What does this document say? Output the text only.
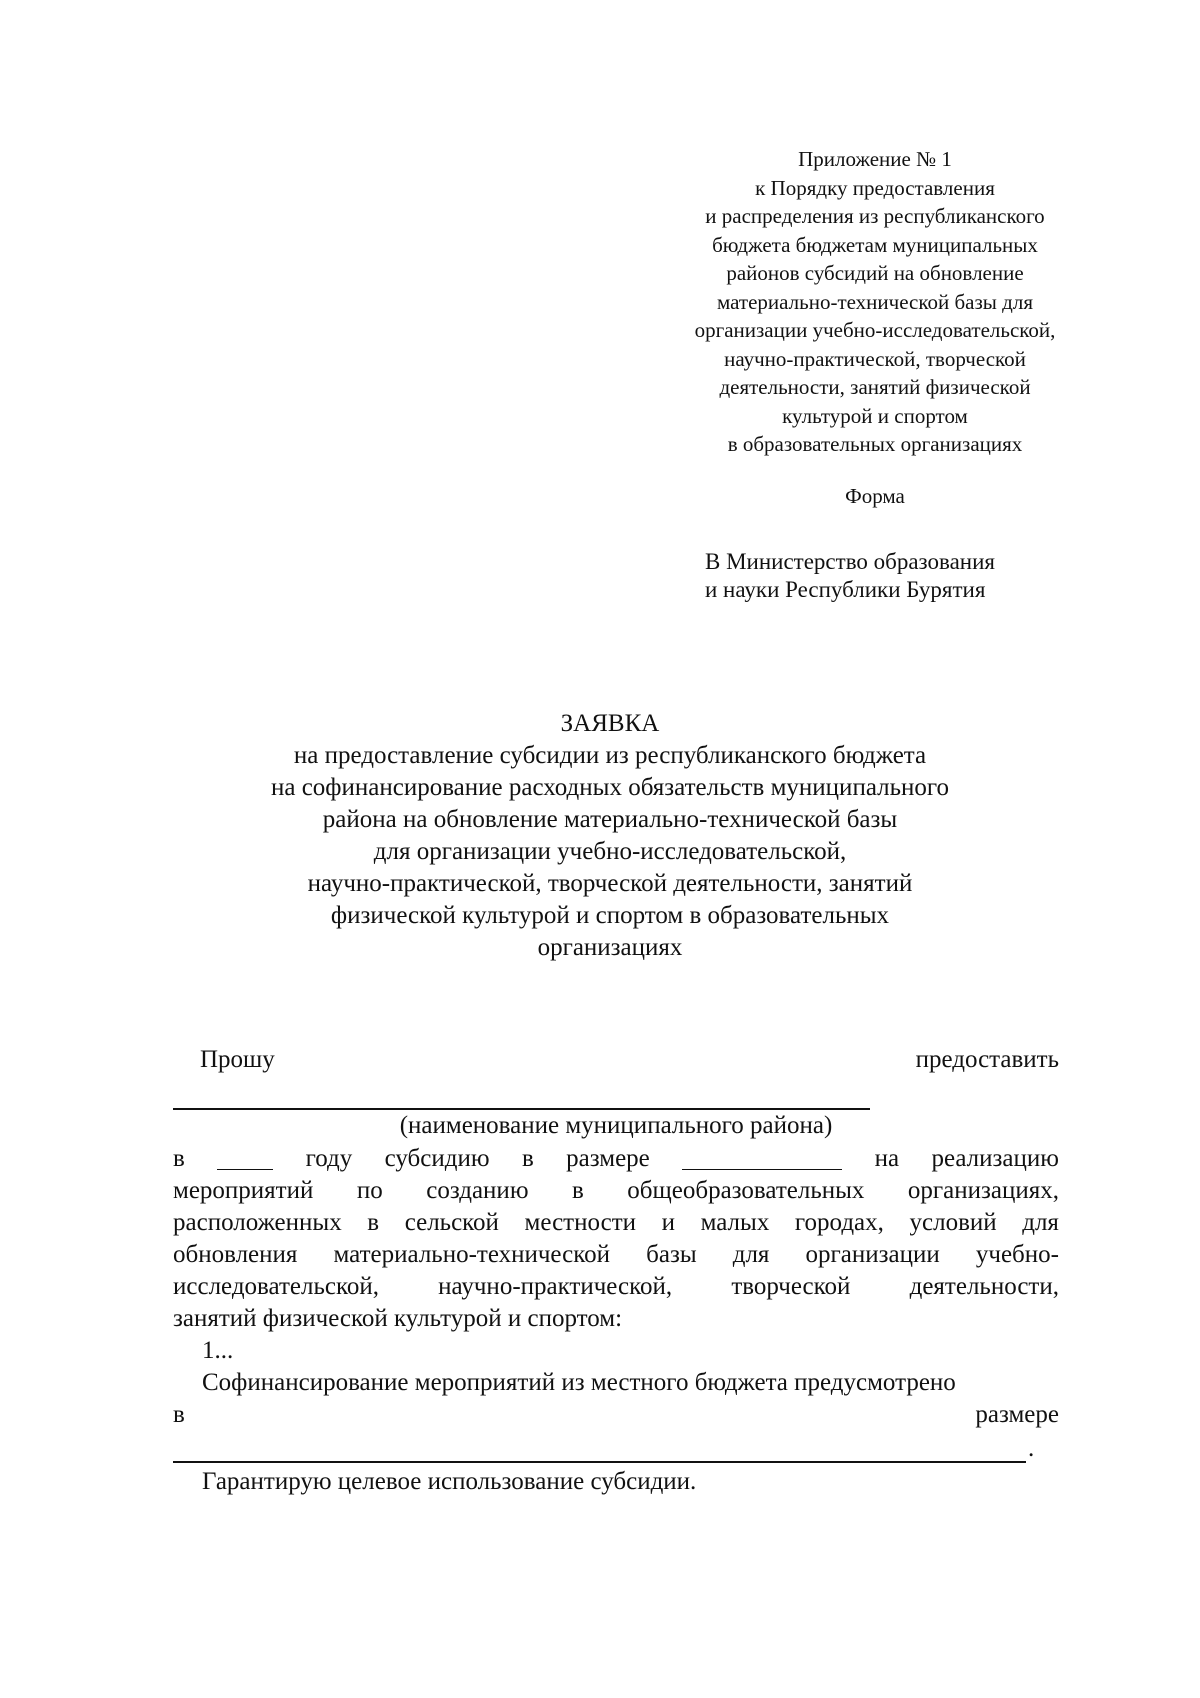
Приложение № 1
к Порядку предоставления
и распределения из республиканского
бюджета бюджетам муниципальных
районов субсидий на обновление
материально-технической базы для
организации учебно-исследовательской,
научно-практической, творческой
деятельности, занятий физической
культурой и спортом
в образовательных организациях
Форма
В Министерство образования
и науки Республики Бурятия
ЗАЯВКА
на предоставление субсидии из республиканского бюджета
на софинансирование расходных обязательств муниципального
района на обновление материально-технической базы
для организации учебно-исследовательской,
научно-практической, творческой деятельности, занятий
физической культурой и спортом в образовательных
организациях
Прошу	предоставить
(наименование муниципального района)
в	году субсидию в размере	на реализацию
мероприятий по созданию в общеобразовательных организациях,
расположенных в сельской местности и малых городах, условий для
обновления материально-технической базы для организации учебно-
исследовательской, научно-практической, творческой деятельности,
занятий физической культурой и спортом:
1...
Софинансирование мероприятий из местного бюджета предусмотрено
в	размере
.
Гарантирую целевое использование субсидии.
